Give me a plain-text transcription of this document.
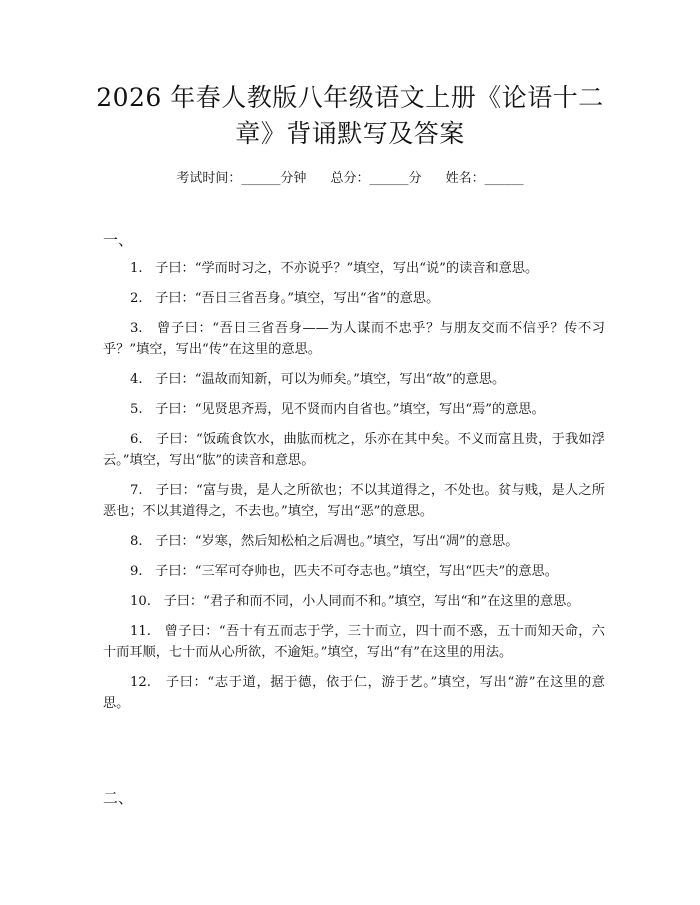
2026 年春人教版八年级语文上册《论语十二
章》背诵默写及答案
考试时间：______分钟 总分：______分 姓名：______
一、

1. 子曰：“学而时习之，不亦说乎？”填空，写出“说”的读音和意思。

2. 子曰：“吾日三省吾身。”填空，写出“省”的意思。

3. 曾子曰：“吾日三省吾身——为人谋而不忠乎？与朋友交而不信乎？传不习乎？”填空，写出“传”在这里的意思。

4. 子曰：“温故而知新，可以为师矣。”填空，写出“故”的意思。

5. 子曰：“见贤思齐焉，见不贤而内自省也。”填空，写出“焉”的意思。

6. 子曰：“饭疏食饮水，曲肱而枕之，乐亦在其中矣。不义而富且贵，于我如浮云。”填空，写出“肱”的读音和意思。

7. 子曰：“富与贵，是人之所欲也；不以其道得之，不处也。贫与贱，是人之所恶也；不以其道得之，不去也。”填空，写出“恶”的意思。

8. 子曰：“岁寒，然后知松柏之后凋也。”填空，写出“凋”的意思。

9. 子曰：“三军可夺帅也，匹夫不可夺志也。”填空，写出“匹夫”的意思。

10. 子曰：“君子和而不同，小人同而不和。”填空，写出“和”在这里的意思。

11. 曾子曰：“吾十有五而志于学，三十而立，四十而不惑，五十而知天命，六十而耳顺，七十而从心所欲，不逾矩。”填空，写出“有”在这里的用法。

12. 子曰：“志于道，据于德，依于仁，游于艺。”填空，写出“游”在这里的意思。

二、
